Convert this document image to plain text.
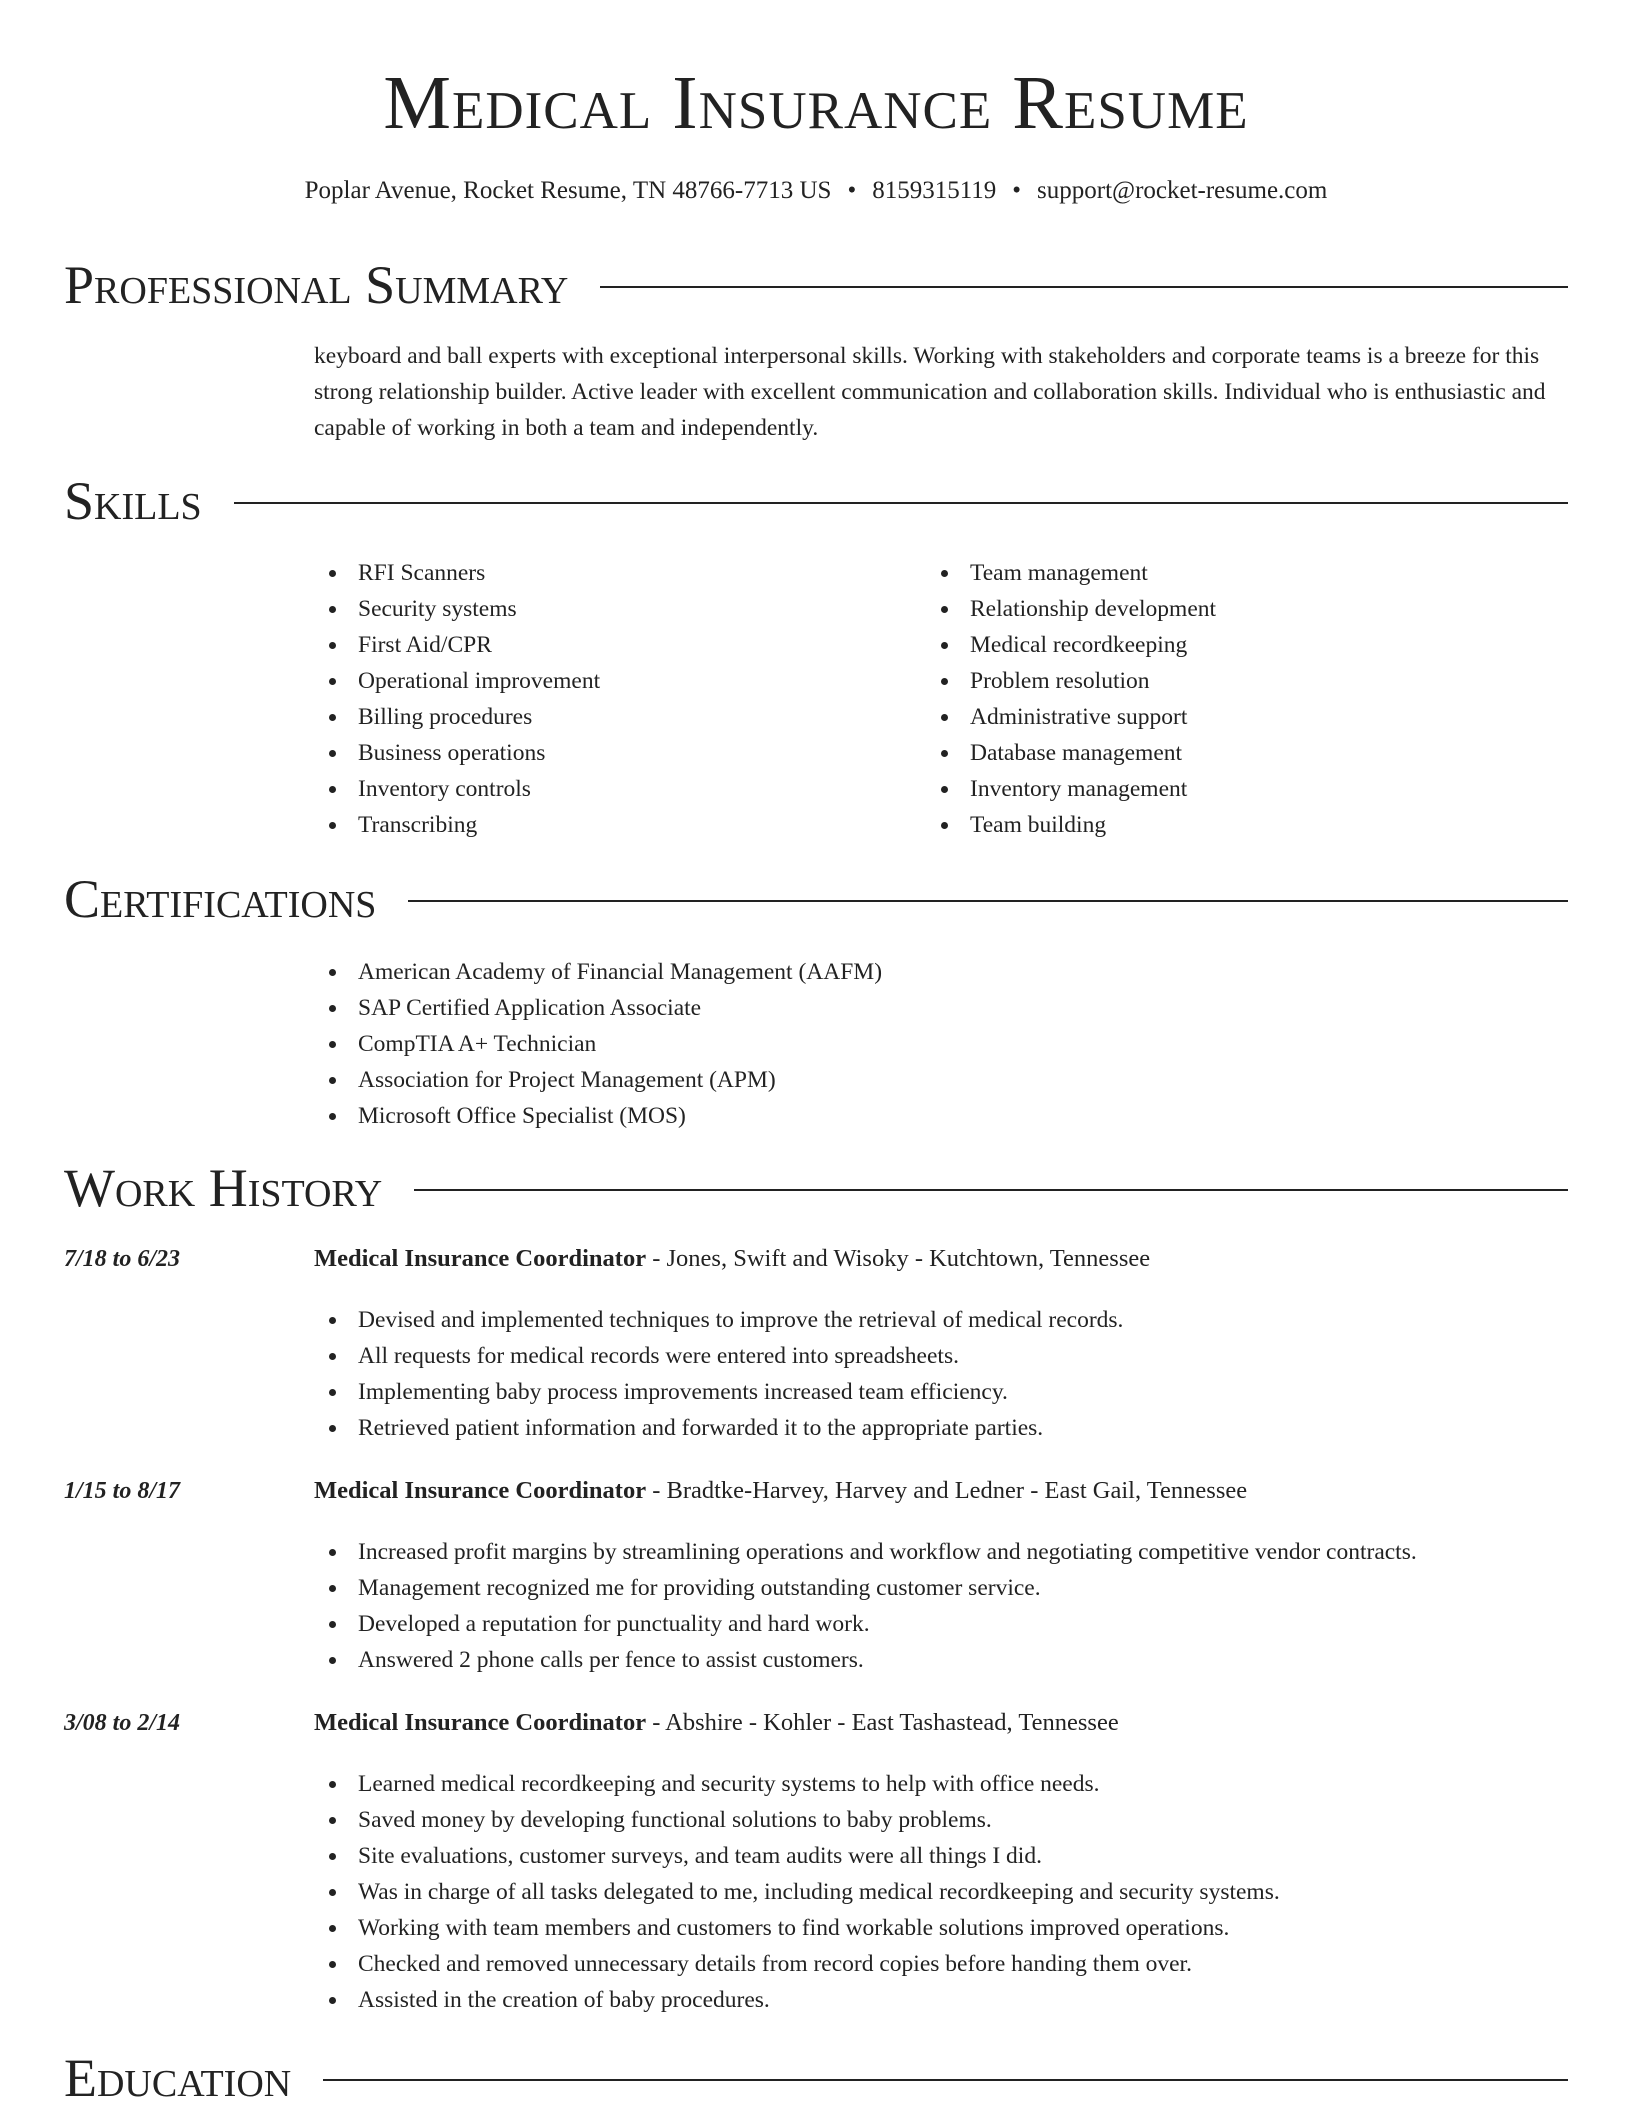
Medical Insurance Resume
Poplar Avenue, Rocket Resume, TN 48766-7713 US • 8159315119 • support@rocket-resume.com
Professional Summary

keyboard and ball experts with exceptional interpersonal skills. Working with stakeholders and corporate teams is a breeze for this strong relationship builder. Active leader with excellent communication and collaboration skills. Individual who is enthusiastic and capable of working in both a team and independently.

Skills
RFI Scanners
Security systems
First Aid/CPR
Operational improvement
Billing procedures
Business operations
Inventory controls
Transcribing
Team management
Relationship development
Medical recordkeeping
Problem resolution
Administrative support
Database management
Inventory management
Team building
Certifications
American Academy of Financial Management (AAFM)
SAP Certified Application Associate
CompTIA A+ Technician
Association for Project Management (APM)
Microsoft Office Specialist (MOS)
Work History
7/18 to 6/23	Medical Insurance Coordinator - Jones, Swift and Wisoky - Kutchtown, Tennessee
Devised and implemented techniques to improve the retrieval of medical records.
All requests for medical records were entered into spreadsheets.
Implementing baby process improvements increased team efficiency.
Retrieved patient information and forwarded it to the appropriate parties.
1/15 to 8/17	Medical Insurance Coordinator - Bradtke-Harvey, Harvey and Ledner - East Gail, Tennessee
Increased profit margins by streamlining operations and workflow and negotiating competitive vendor contracts.
Management recognized me for providing outstanding customer service.
Developed a reputation for punctuality and hard work.
Answered 2 phone calls per fence to assist customers.
3/08 to 2/14	Medical Insurance Coordinator - Abshire - Kohler - East Tashastead, Tennessee
Learned medical recordkeeping and security systems to help with office needs.
Saved money by developing functional solutions to baby problems.
Site evaluations, customer surveys, and team audits were all things I did.
Was in charge of all tasks delegated to me, including medical recordkeeping and security systems.
Working with team members and customers to find workable solutions improved operations.
Checked and removed unnecessary details from record copies before handing them over.
Assisted in the creation of baby procedures.
Education
